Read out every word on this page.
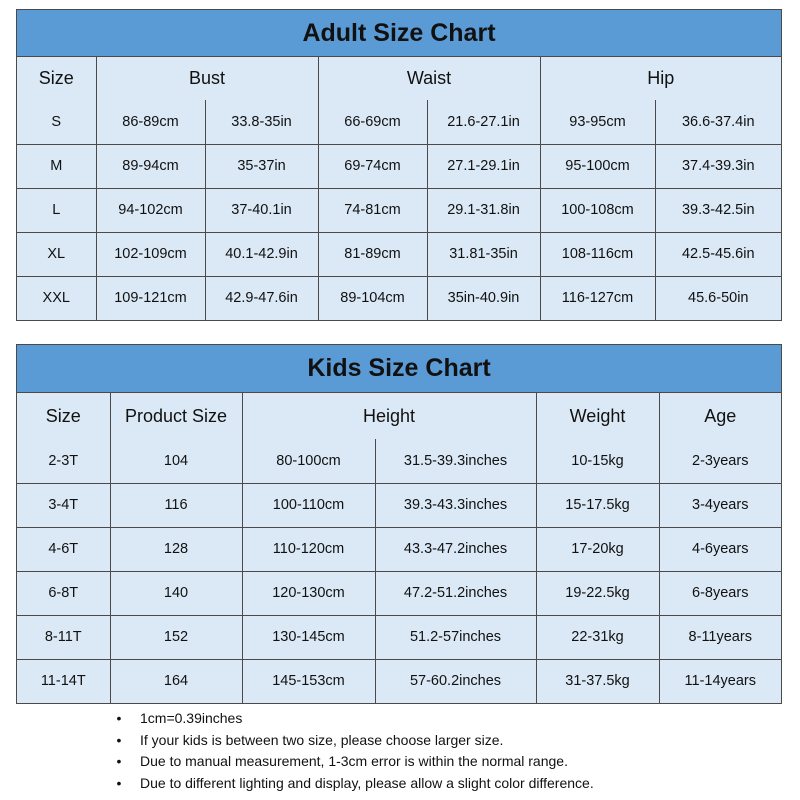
Adult Size Chart
Size	Bust		Waist		Hip	
S	86-89cm	33.8-35in	66-69cm	21.6-27.1in	93-95cm	36.6-37.4in
M	89-94cm	35-37in	69-74cm	27.1-29.1in	95-100cm	37.4-39.3in
L	94-102cm	37-40.1in	74-81cm	29.1-31.8in	100-108cm	39.3-42.5in
XL	102-109cm	40.1-42.9in	81-89cm	31.81-35in	108-116cm	42.5-45.6in
XXL	109-121cm	42.9-47.6in	89-104cm	35in-40.9in	116-127cm	45.6-50in
Kids Size Chart
Size	Product Size	Height		Weight	Age
2-3T	104	80-100cm	31.5-39.3inches	10-15kg	2-3years
3-4T	116	100-110cm	39.3-43.3inches	15-17.5kg	3-4years
4-6T	128	110-120cm	43.3-47.2inches	17-20kg	4-6years
6-8T	140	120-130cm	47.2-51.2inches	19-22.5kg	6-8years
8-11T	152	130-145cm	51.2-57inches	22-31kg	8-11years
11-14T	164	145-153cm	57-60.2inches	31-37.5kg	11-14years
• 1cm=0.39inches
• If your kids is between two size, please choose larger size.
• Due to manual measurement, 1-3cm error is within the normal range.
• Due to different lighting and display, please allow a slight color difference.
